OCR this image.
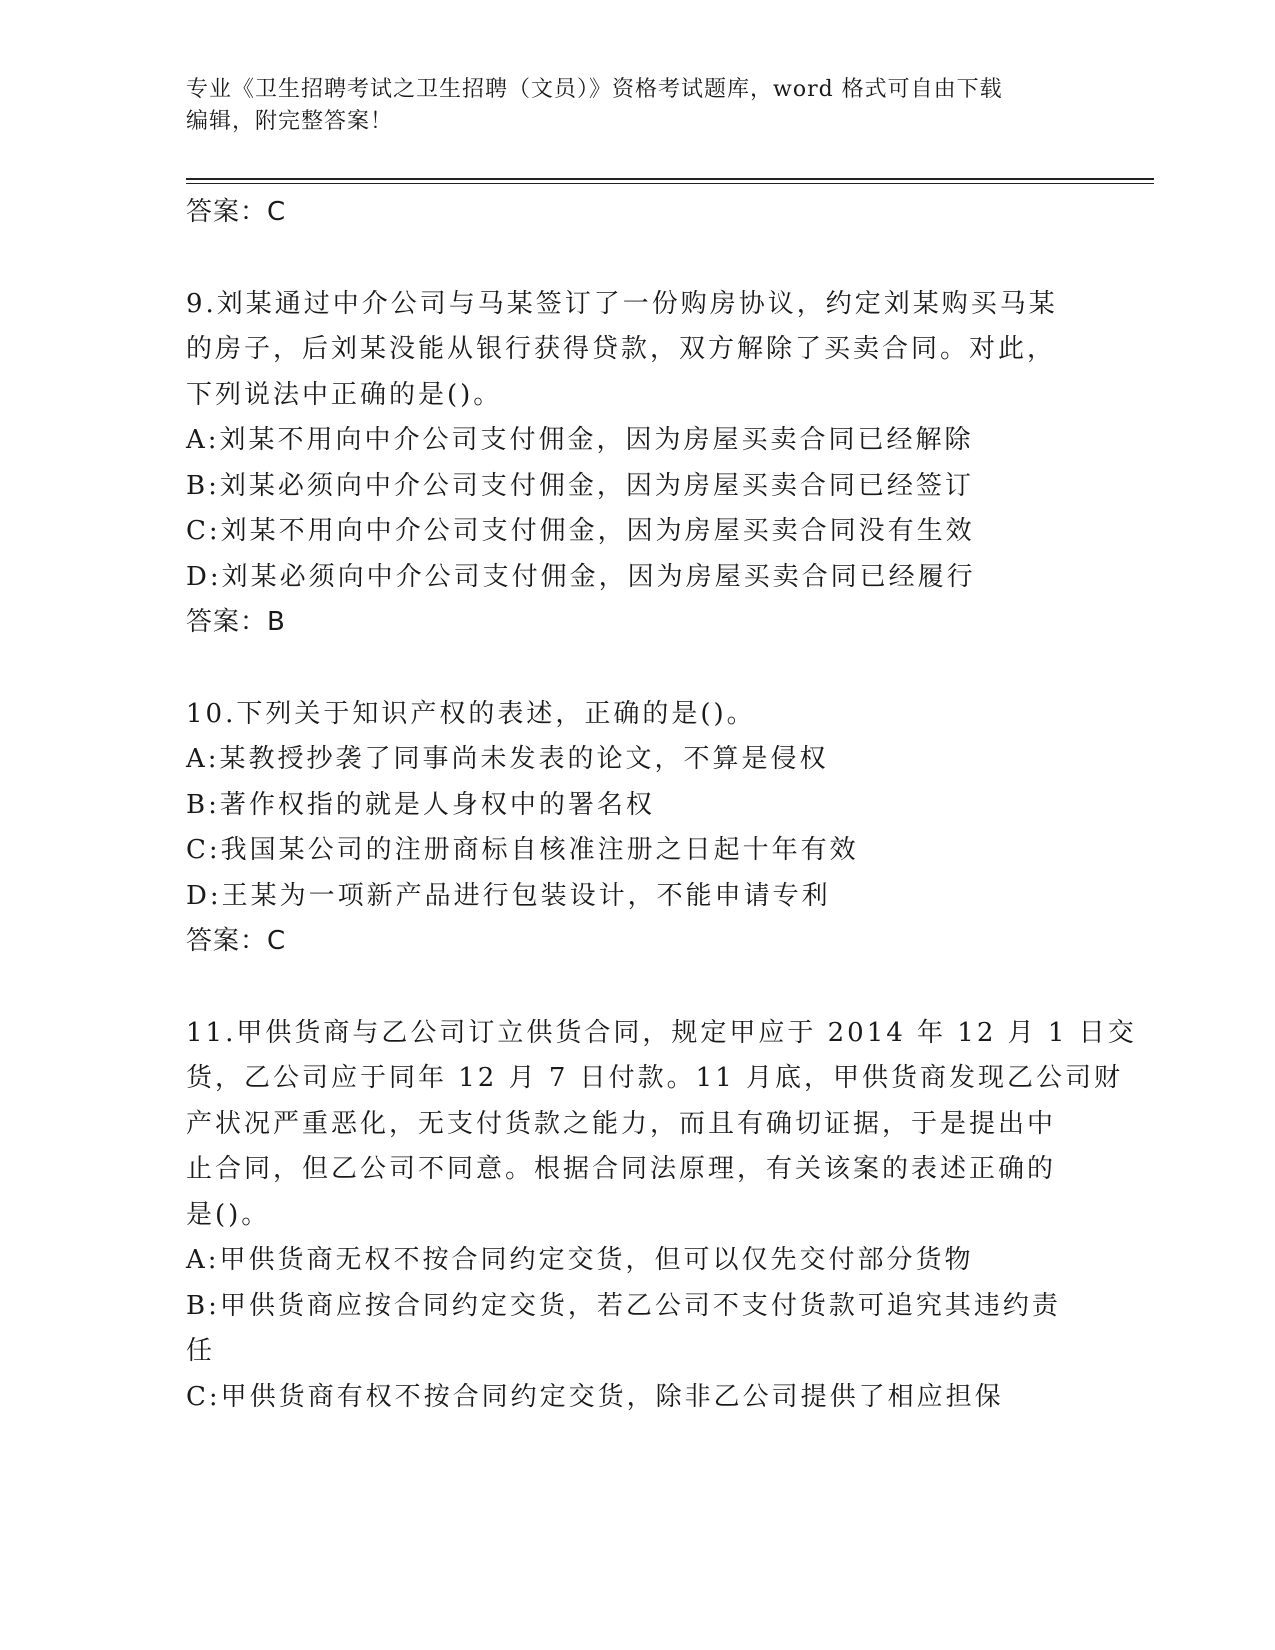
专业《卫生招聘考试之卫生招聘（文员）》资格考试题库，word 格式可自由下载
编辑，附完整答案！
答案：C
9.刘某通过中介公司与马某签订了一份购房协议，约定刘某购买马某
的房子，后刘某没能从银行获得贷款，双方解除了买卖合同。对此，
下列说法中正确的是()。
A:刘某不用向中介公司支付佣金，因为房屋买卖合同已经解除
B:刘某必须向中介公司支付佣金，因为房屋买卖合同已经签订
C:刘某不用向中介公司支付佣金，因为房屋买卖合同没有生效
D:刘某必须向中介公司支付佣金，因为房屋买卖合同已经履行
答案：B
10.下列关于知识产权的表述，正确的是()。
A:某教授抄袭了同事尚未发表的论文，不算是侵权
B:著作权指的就是人身权中的署名权
C:我国某公司的注册商标自核准注册之日起十年有效
D:王某为一项新产品进行包装设计，不能申请专利
答案：C
11.甲供货商与乙公司订立供货合同，规定甲应于 2014 年 12 月 1 日交
货，乙公司应于同年 12 月 7 日付款。11 月底，甲供货商发现乙公司财
产状况严重恶化，无支付货款之能力，而且有确切证据，于是提出中
止合同，但乙公司不同意。根据合同法原理，有关该案的表述正确的
是()。
A:甲供货商无权不按合同约定交货，但可以仅先交付部分货物
B:甲供货商应按合同约定交货，若乙公司不支付货款可追究其违约责
任
C:甲供货商有权不按合同约定交货，除非乙公司提供了相应担保
